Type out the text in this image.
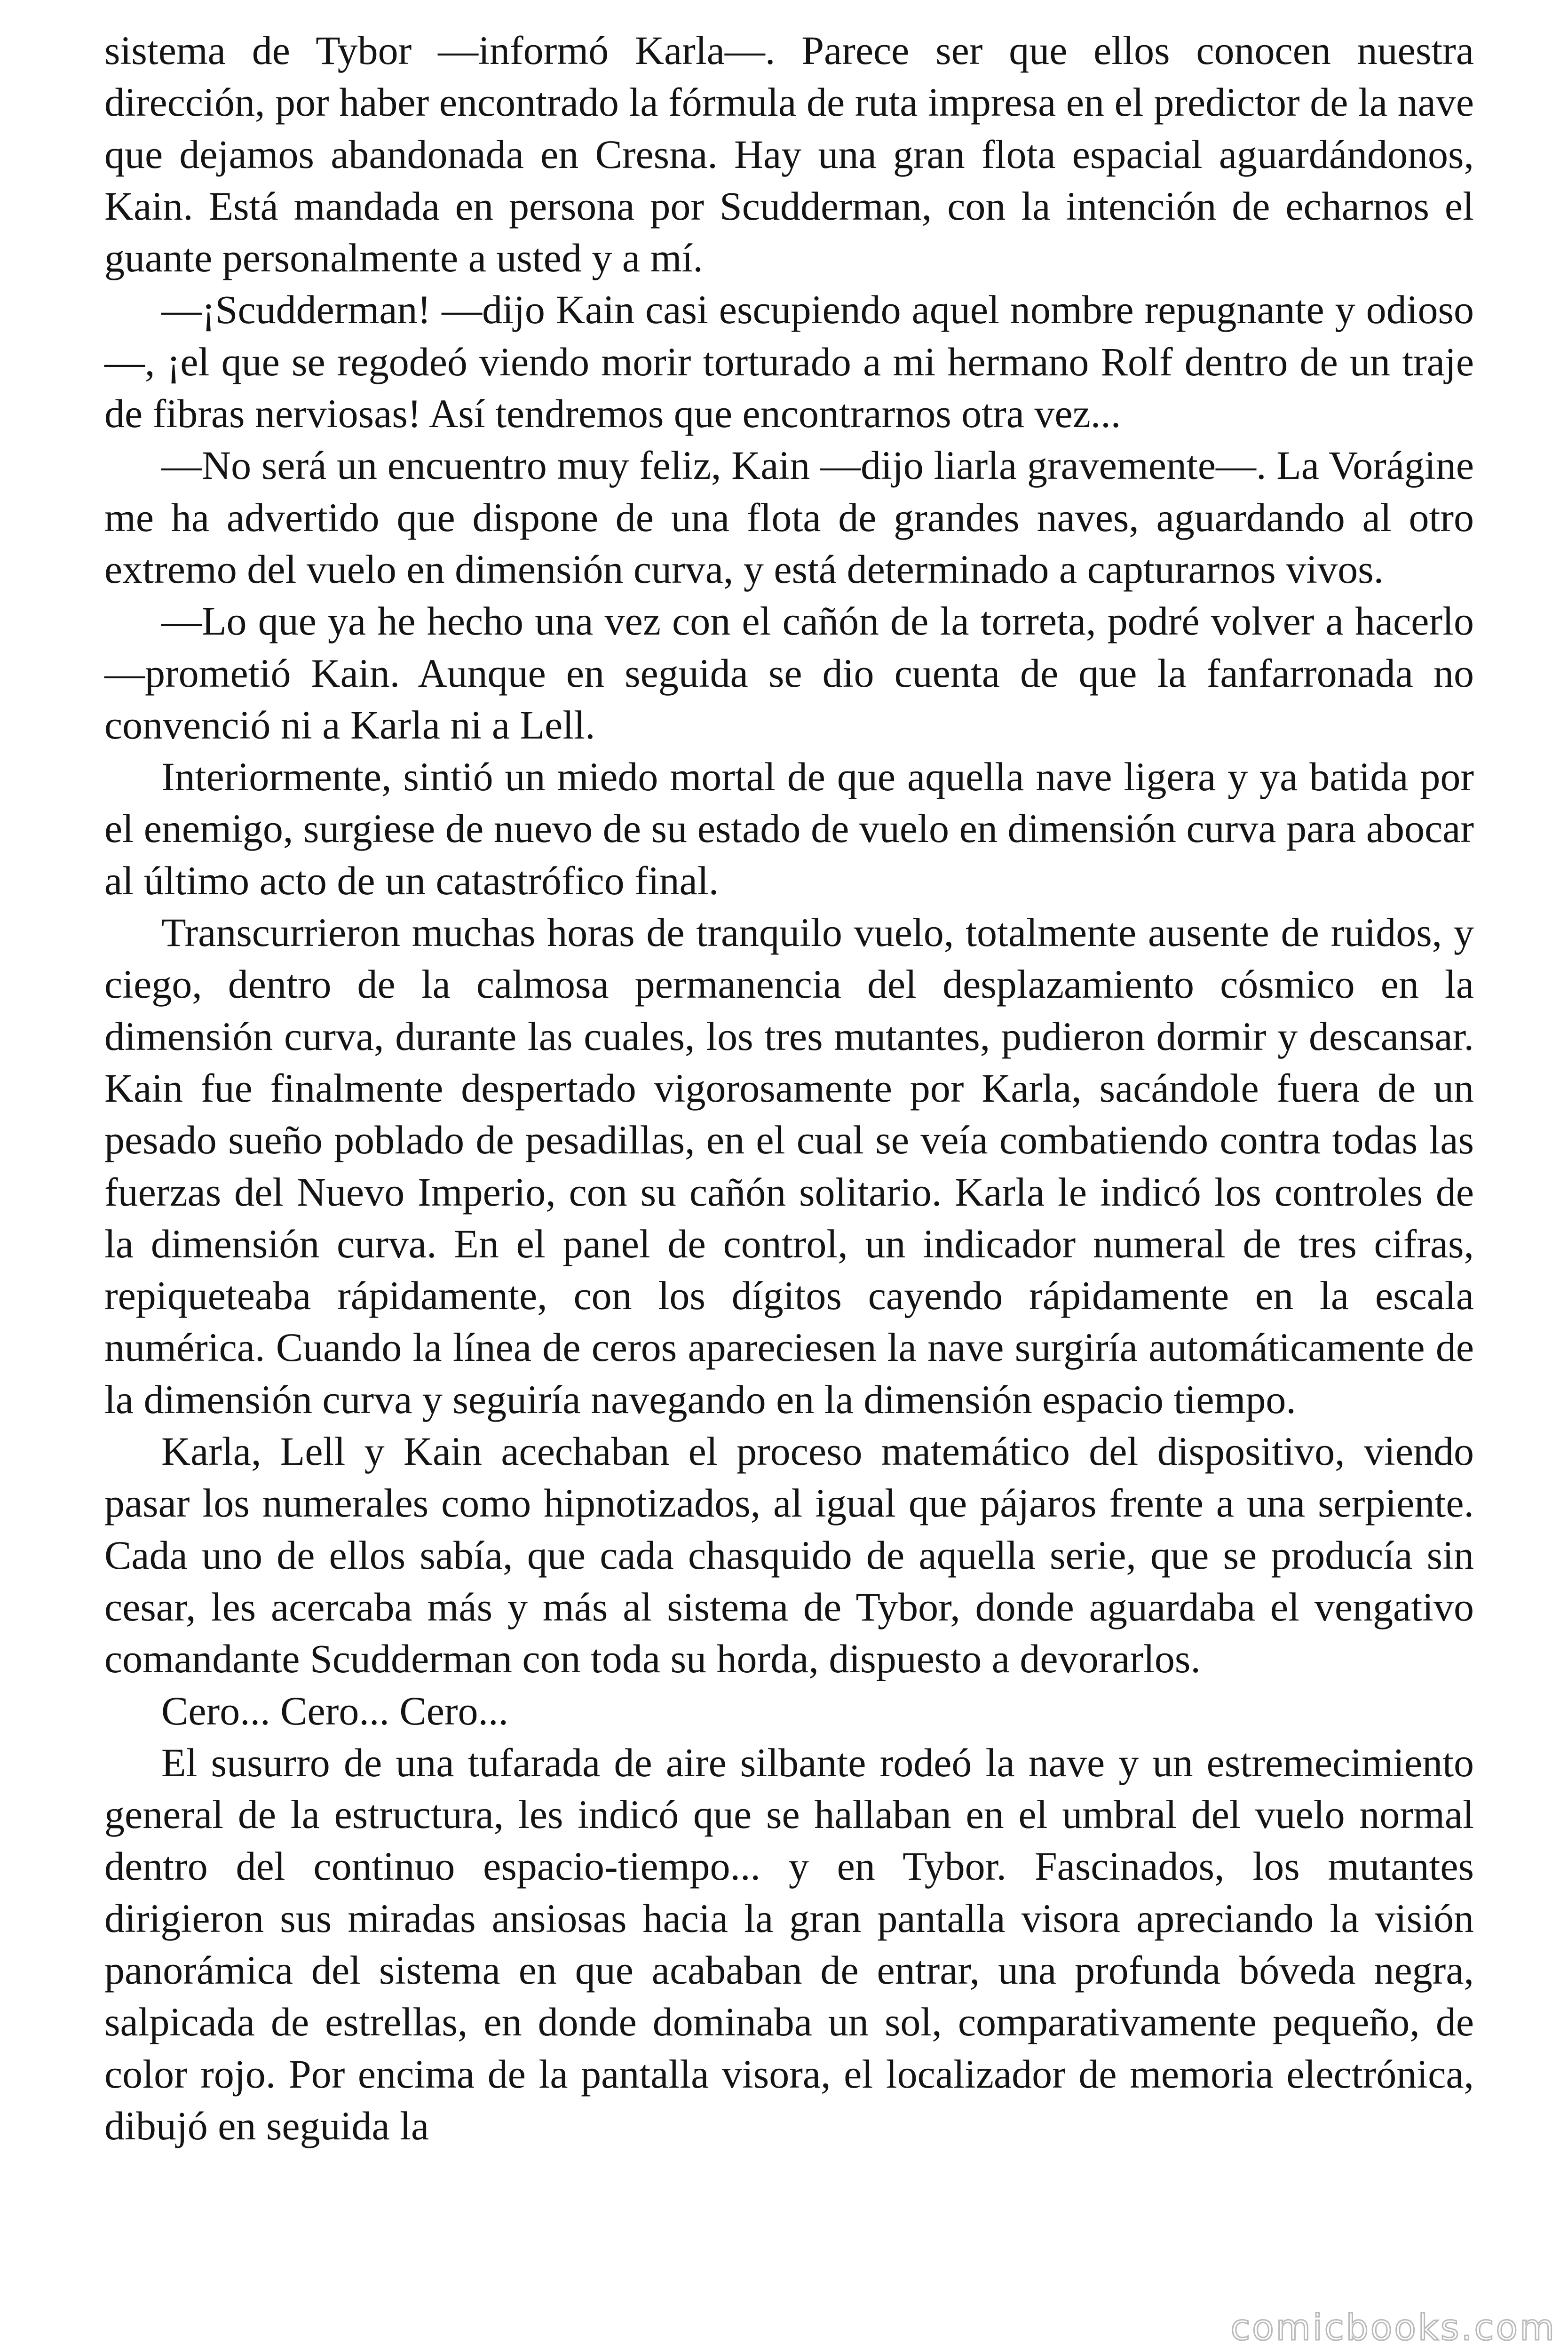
sistema de Tybor —informó Karla—. Parece ser que ellos conocen nuestra dirección, por haber encontrado la fórmula de ruta impresa en el predictor de la nave que dejamos abandonada en Cresna. Hay una gran flota espacial aguardándonos, Kain. Está mandada en persona por Scudderman, con la intención de echarnos el guante personalmente a usted y a mí.

—¡Scudderman! —dijo Kain casi escupiendo aquel nombre repugnante y odioso—, ¡el que se regodeó viendo morir torturado a mi hermano Rolf dentro de un traje de fibras nerviosas! Así tendremos que encontrarnos otra vez...

—No será un encuentro muy feliz, Kain —dijo liarla gravemente—. La Vorágine me ha advertido que dispone de una flota de grandes naves, aguardando al otro extremo del vuelo en dimensión curva, y está determinado a capturarnos vivos.

—Lo que ya he hecho una vez con el cañón de la torreta, podré volver a hacerlo —prometió Kain. Aunque en seguida se dio cuenta de que la fanfarronada no convenció ni a Karla ni a Lell.

Interiormente, sintió un miedo mortal de que aquella nave ligera y ya batida por el enemigo, surgiese de nuevo de su estado de vuelo en dimensión curva para abocar al último acto de un catastrófico final.

Transcurrieron muchas horas de tranquilo vuelo, totalmente ausente de ruidos, y ciego, dentro de la calmosa permanencia del desplazamiento cósmico en la dimensión curva, durante las cuales, los tres mutantes, pudieron dormir y descansar. Kain fue finalmente despertado vigorosamente por Karla, sacándole fuera de un pesado sueño poblado de pesadillas, en el cual se veía combatiendo contra todas las fuerzas del Nuevo Imperio, con su cañón solitario. Karla le indicó los controles de la dimensión curva. En el panel de control, un indicador numeral de tres cifras, repiqueteaba rápidamente, con los dígitos cayendo rápidamente en la escala numérica. Cuando la línea de ceros apareciesen la nave surgiría automáticamente de la dimensión curva y seguiría navegando en la dimensión espacio tiempo.

Karla, Lell y Kain acechaban el proceso matemático del dispositivo, viendo pasar los numerales como hipnotizados, al igual que pájaros frente a una serpiente. Cada uno de ellos sabía, que cada chasquido de aquella serie, que se producía sin cesar, les acercaba más y más al sistema de Tybor, donde aguardaba el vengativo comandante Scudderman con toda su horda, dispuesto a devorarlos.

Cero... Cero... Cero...

El susurro de una tufarada de aire silbante rodeó la nave y un estremecimiento general de la estructura, les indicó que se hallaban en el umbral del vuelo normal dentro del continuo espacio-tiempo... y en Tybor. Fascinados, los mutantes dirigieron sus miradas ansiosas hacia la gran pantalla visora apreciando la visión panorámica del sistema en que acababan de entrar, una profunda bóveda negra, salpicada de estrellas, en donde dominaba un sol, comparativamente pequeño, de color rojo. Por encima de la pantalla visora, el localizador de memoria electrónica, dibujó en seguida la

comicbooks.com
